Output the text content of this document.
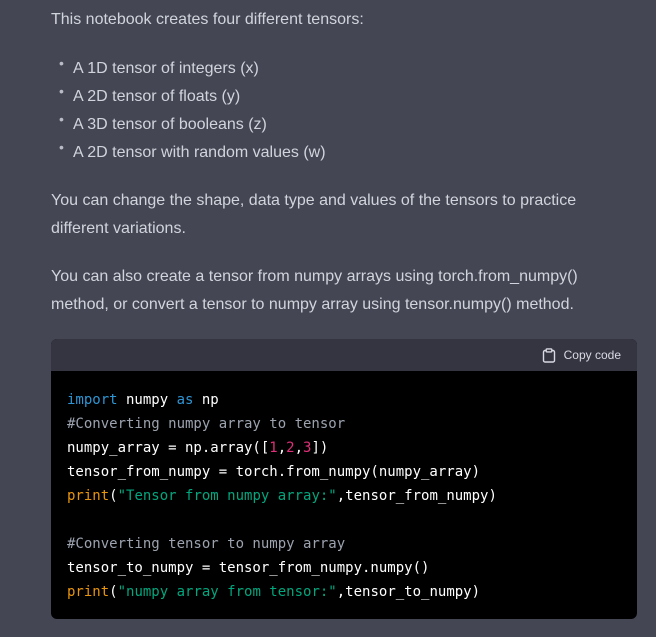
This notebook creates four different tensors:

• A 1D tensor of integers (x)
• A 2D tensor of floats (y)
• A 3D tensor of booleans (z)
• A 2D tensor with random values (w)

You can change the shape, data type and values of the tensors to practice different variations.

You can also create a tensor from numpy arrays using torch.from_numpy() method, or convert a tensor to numpy array using tensor.numpy() method.

Copy code
import numpy as np
#Converting numpy array to tensor
numpy_array = np.array([1,2,3])
tensor_from_numpy = torch.from_numpy(numpy_array)
print("Tensor from numpy array:",tensor_from_numpy)

#Converting tensor to numpy array
tensor_to_numpy = tensor_from_numpy.numpy()
print("numpy array from tensor:",tensor_to_numpy)
